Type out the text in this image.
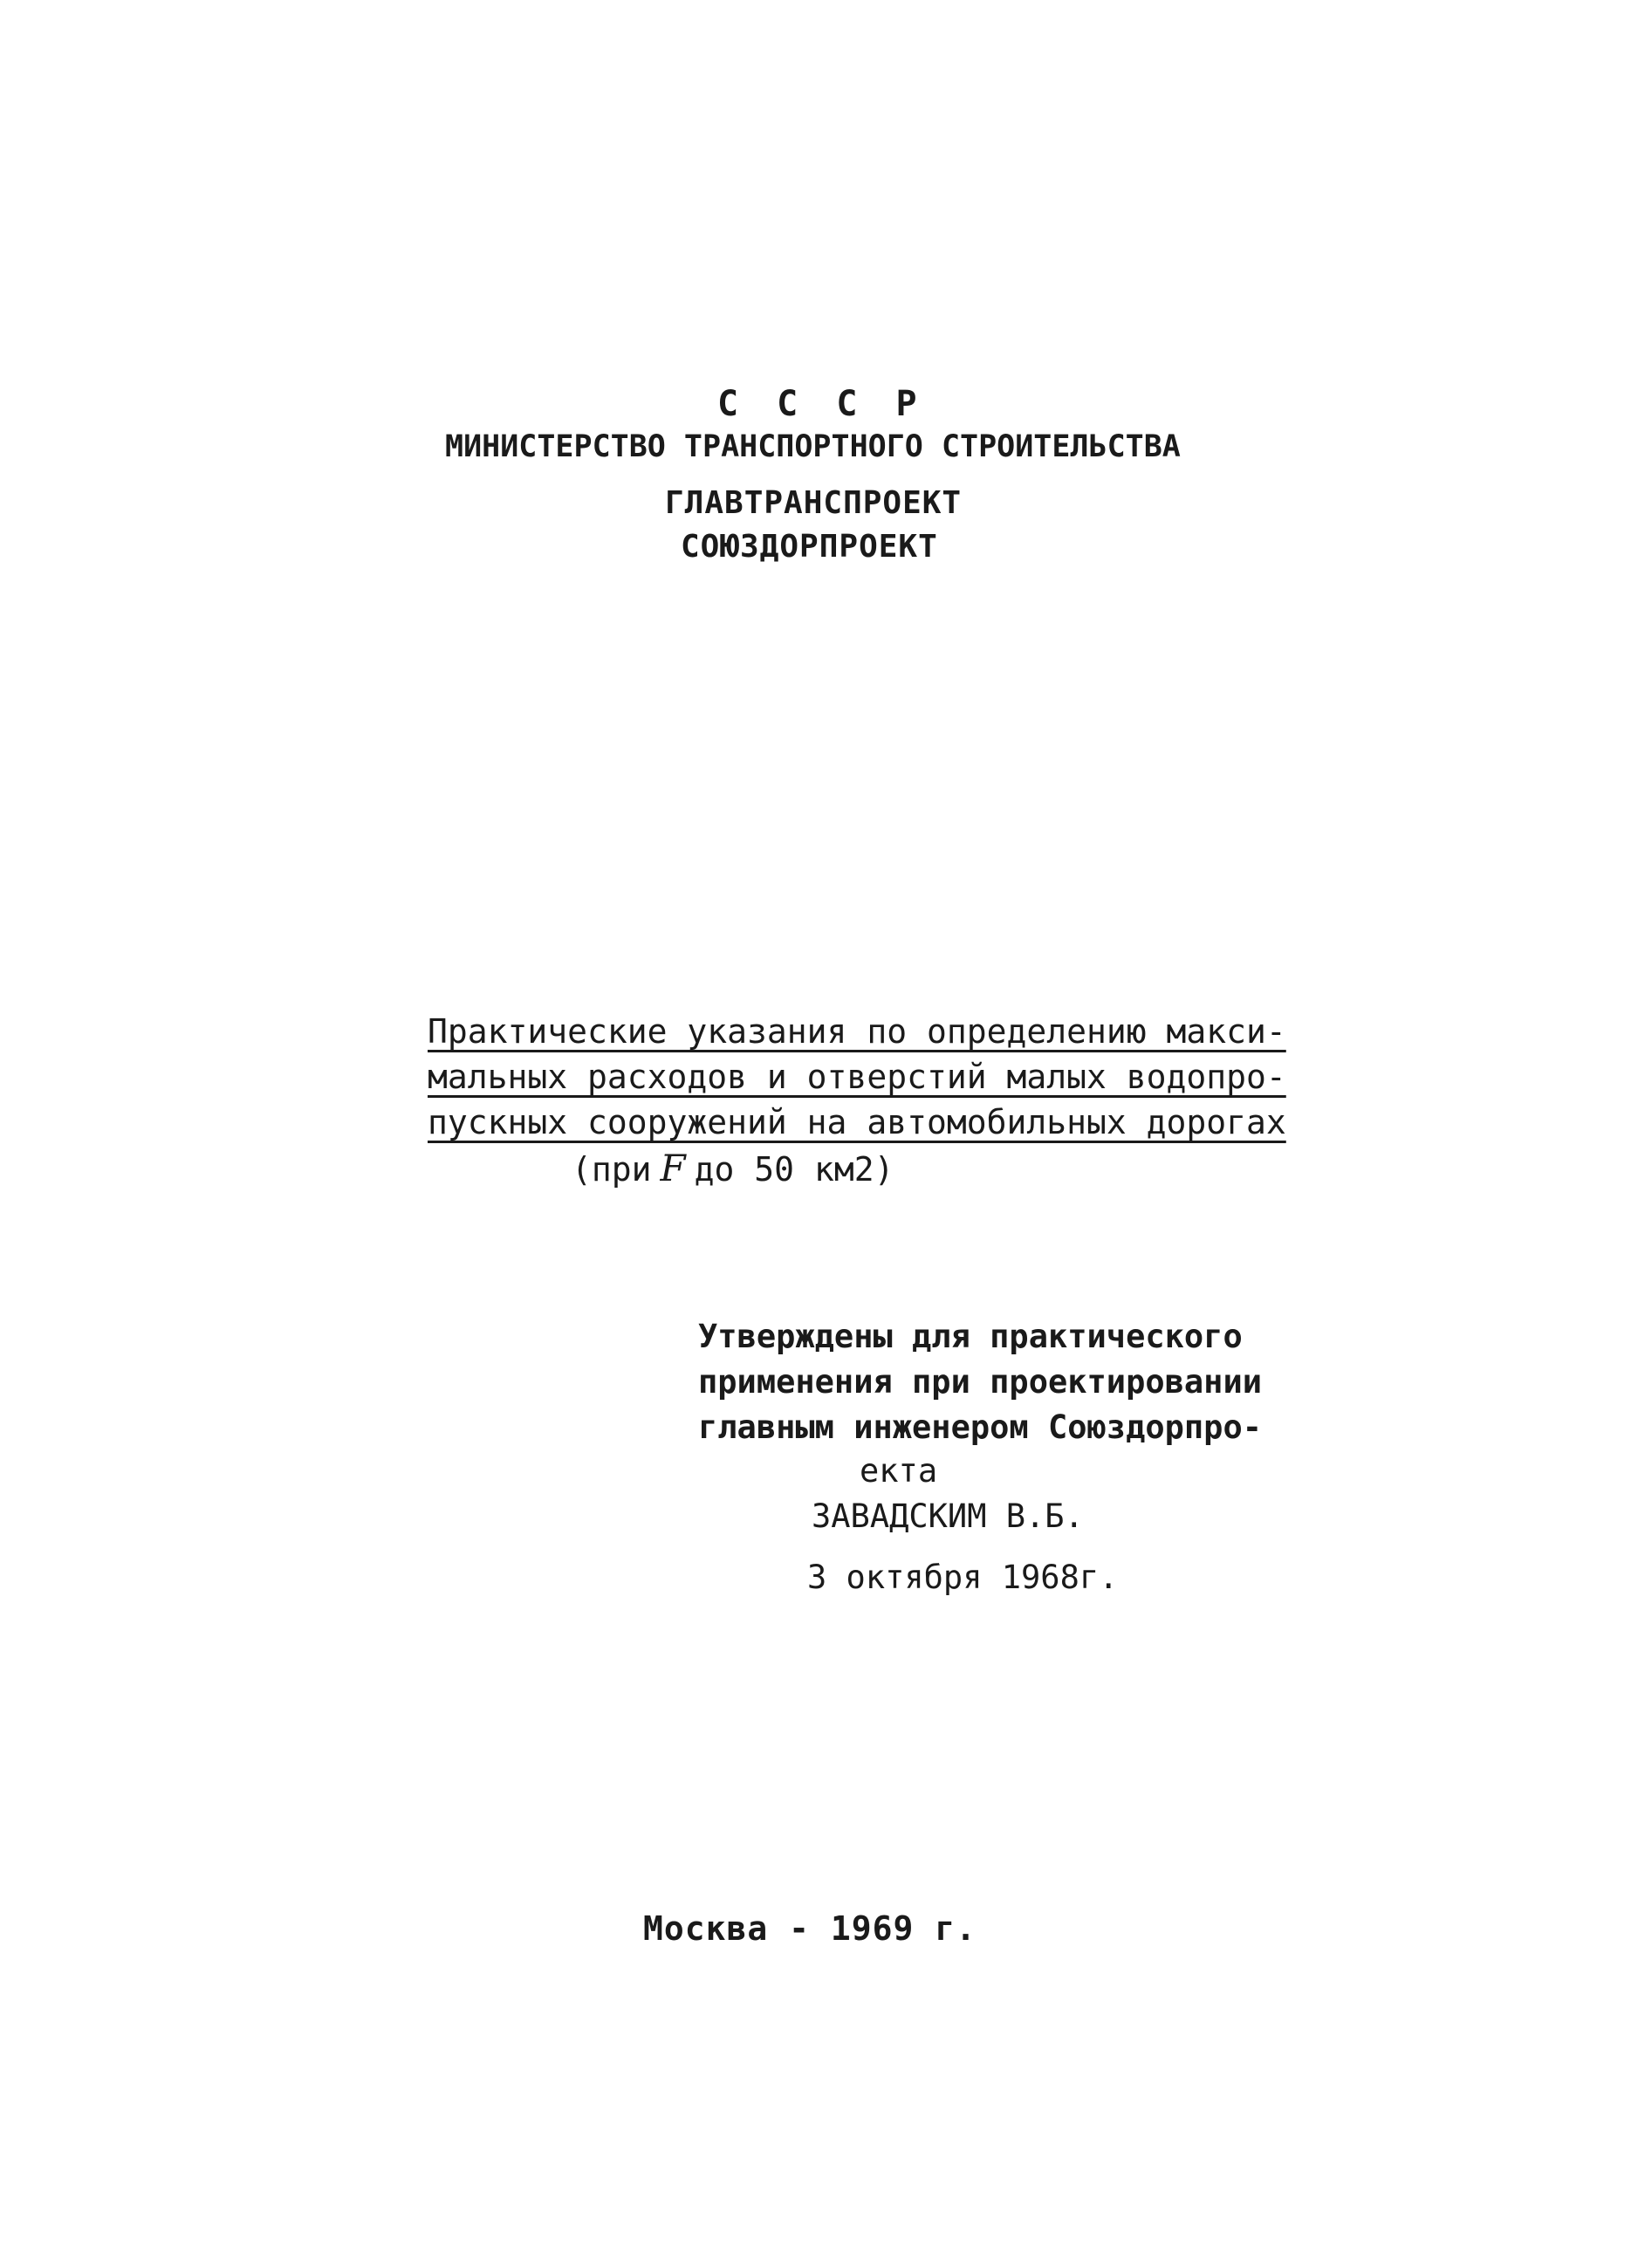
С С С Р
МИНИСТЕРСТВО ТРАНСПОРТНОГО СТРОИТЕЛЬСТВА
ГЛАВТРАНСПРОЕКТ
СОЮЗДОРПРОЕКТ
Практические указания по определению макси-
мальных расходов и отверстий малых водопро-
пускных сооружений на автомобильных дорогах
(при F до 50 км2)
Утверждены для практического
применения при проектировании
главным инженером Союздорпро-
екта
ЗАВАДСКИМ В.Б.
3 октября 1968г.
Москва - 1969 г.
